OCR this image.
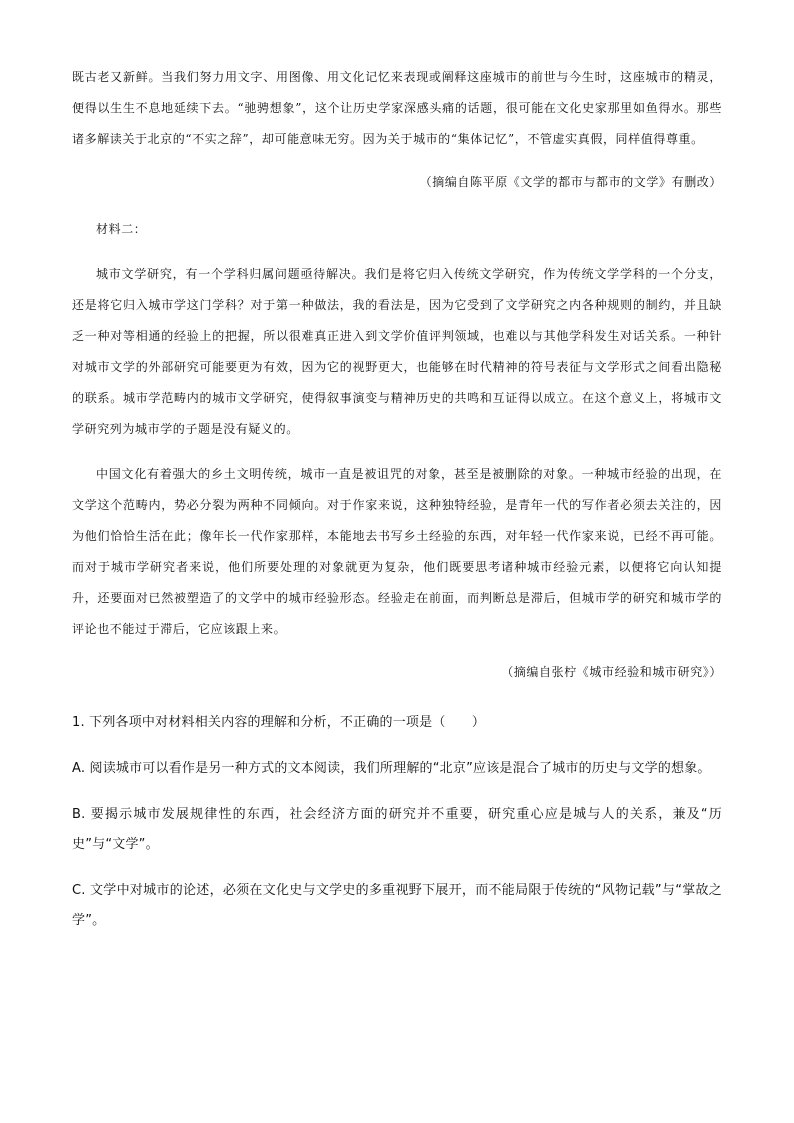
既古老又新鲜。当我们努力用文字、用图像、用文化记忆来表现或阐释这座城市的前世与今生时，这座城市的精灵，便得以生生不息地延续下去。“驰骋想象”，这个让历史学家深感头痛的话题，很可能在文化史家那里如鱼得水。那些诸多解读关于北京的“不实之辞”，却可能意味无穷。因为关于城市的“集体记忆”，不管虚实真假，同样值得尊重。

（摘编自陈平原《文学的都市与都市的文学》有删改）

材料二：

城市文学研究，有一个学科归属问题亟待解决。我们是将它归入传统文学研究，作为传统文学学科的一个分支，还是将它归入城市学这门学科？对于第一种做法，我的看法是，因为它受到了文学研究之内各种规则的制约，并且缺乏一种对等相通的经验上的把握，所以很难真正进入到文学价值评判领域，也难以与其他学科发生对话关系。一种针对城市文学的外部研究可能要更为有效，因为它的视野更大，也能够在时代精神的符号表征与文学形式之间看出隐秘的联系。城市学范畴内的城市文学研究，使得叙事演变与精神历史的共鸣和互证得以成立。在这个意义上，将城市文学研究列为城市学的子题是没有疑义的。

中国文化有着强大的乡土文明传统，城市一直是被诅咒的对象，甚至是被删除的对象。一种城市经验的出现，在文学这个范畴内，势必分裂为两种不同倾向。对于作家来说，这种独特经验，是青年一代的写作者必须去关注的，因为他们恰恰生活在此；像年长一代作家那样，本能地去书写乡土经验的东西，对年轻一代作家来说，已经不再可能。而对于城市学研究者来说，他们所要处理的对象就更为复杂，他们既要思考诸种城市经验元素，以便将它向认知提升，还要面对已然被塑造了的文学中的城市经验形态。经验走在前面，而判断总是滞后，但城市学的研究和城市学的评论也不能过于滞后，它应该跟上来。

（摘编自张柠《城市经验和城市研究》）

1. 下列各项中对材料相关内容的理解和分析，不正确的一项是（　　）

A. 阅读城市可以看作是另一种方式的文本阅读，我们所理解的“北京”应该是混合了城市的历史与文学的想象。

B. 要揭示城市发展规律性的东西，社会经济方面的研究并不重要，研究重心应是城与人的关系，兼及“历史”与“文学”。

C. 文学中对城市的论述，必须在文化史与文学史的多重视野下展开，而不能局限于传统的“风物记载”与“掌故之学”。
